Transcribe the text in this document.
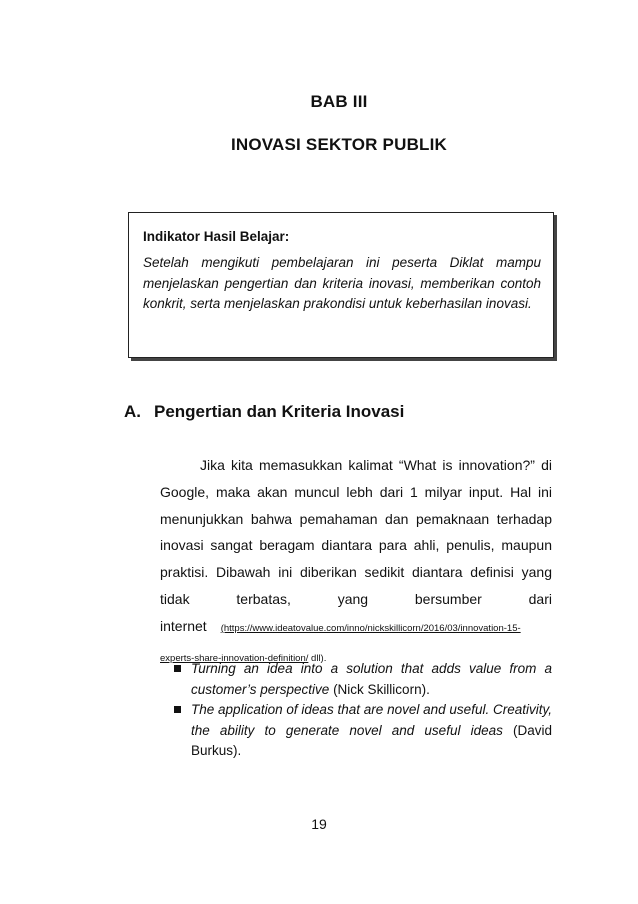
BAB III
INOVASI SEKTOR PUBLIK

Indikator Hasil Belajar:

Setelah mengikuti pembelajaran ini peserta Diklat mampu menjelaskan pengertian dan kriteria inovasi, memberikan contoh konkrit, serta menjelaskan prakondisi untuk keberhasilan inovasi.

A. Pengertian dan Kriteria Inovasi

Jika kita memasukkan kalimat “What is innovation?” di Google, maka akan muncul lebh dari 1 milyar input. Hal ini menunjukkan bahwa pemahaman dan pemaknaan terhadap inovasi sangat beragam diantara para ahli, penulis, maupun praktisi. Dibawah ini diberikan sedikit diantara definisi yang tidak terbatas, yang bersumber dari internet (https://www.ideatovalue.com/inno/nickskillicorn/2016/03/innovation-15-experts-share-innovation-definition/ dll).

Turning an idea into a solution that adds value from a customer’s perspective (Nick Skillicorn).
The application of ideas that are novel and useful. Creativity, the ability to generate novel and useful ideas (David Burkus).
19
